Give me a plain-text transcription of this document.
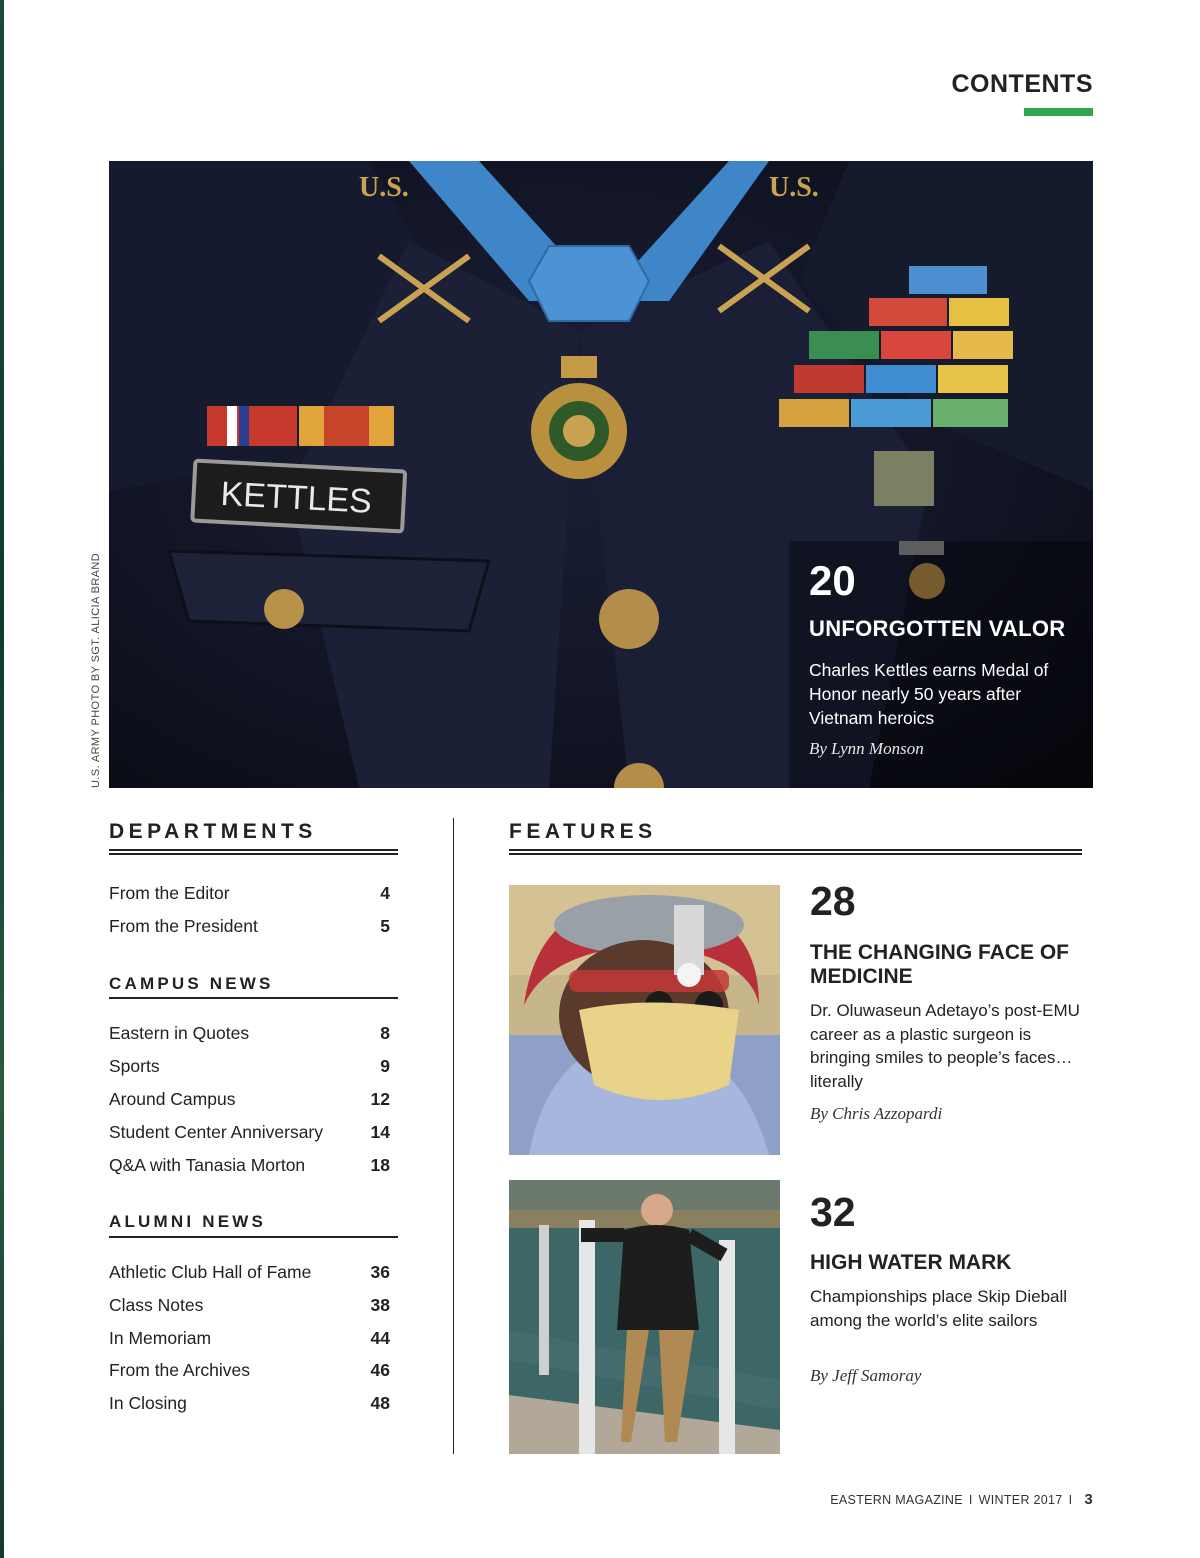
CONTENTS
U.S.	U.S.
KETTLES
20
UNFORGOTTEN VALOR
Charles Kettles earns Medal of Honor nearly 50 years after Vietnam heroics
By Lynn Monson
U.S. ARMY PHOTO BY SGT. ALICIA BRAND
DEPARTMENTS
From the Editor	4
From the President	5
CAMPUS NEWS
Eastern in Quotes	8
Sports	9
Around Campus	12
Student Center Anniversary	14
Q&A with Tanasia Morton	18
ALUMNI NEWS
Athletic Club Hall of Fame	36
Class Notes	38
In Memoriam	44
From the Archives	46
In Closing	48
FEATURES
28
THE CHANGING FACE OF MEDICINE
Dr. Oluwaseun Adetayo’s post-EMU career as a plastic surgeon is bringing smiles to people’s faces… literally
By Chris Azzopardi
32
HIGH WATER MARK
Championships place Skip Dieball among the world’s elite sailors
By Jeff Samoray
EASTERN MAGAZINE I WINTER 2017 I 3
